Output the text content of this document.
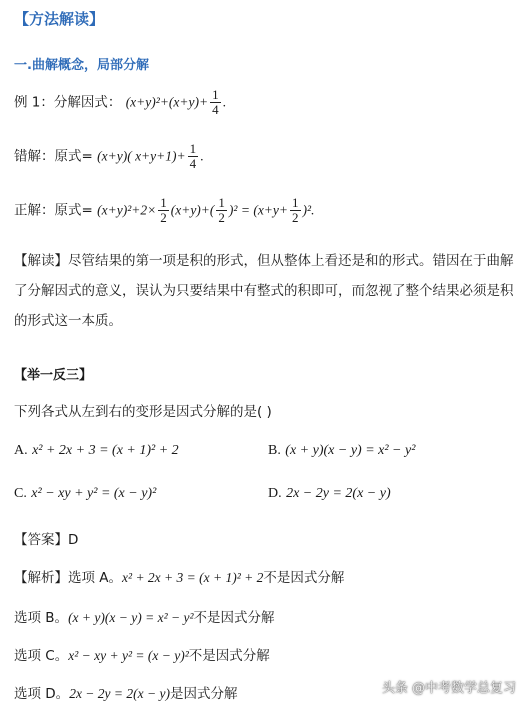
【方法解读】
一.曲解概念，局部分解
例 1：分解因式： $(x+y)^2+(x+y)+ \frac{1}{4}$ .
错解：原式= (x+y)( $x+y+1)+ \frac{1}{4}$ .
正解：原式= $(x+y)^2+2\times \frac{1}{2} (x+y)+( \frac{1}{2} )^2 = (x+y+ \frac{1}{2} )^2$.
【解读】尽管结果的第一项是积的形式，但从整体上看还是和的形式。错因在于曲解了分解因式的意义，误认为只要结果中有整式的积即可，而忽视了整个结果必须是积的形式这一本质。
【举一反三】
下列各式从左到右的变形是因式分解的是( )
A. x² + 2x + 3 = (x + 1)² + 2	B. (x + y)(x − y) = x² − y²
C. x² − xy + y² = (x − y)²	D. 2x − 2y = 2(x − y)
【答案】D
【解析】选项 A。x² + 2x + 3 = (x + 1)² + 2不是因式分解
选项 B。(x + y)(x − y) = x² − y²不是因式分解
选项 C。x² − xy + y² = (x − y)²不是因式分解
选项 D。2x − 2y = 2(x − y)是因式分解	头条 @中考数学总复习
